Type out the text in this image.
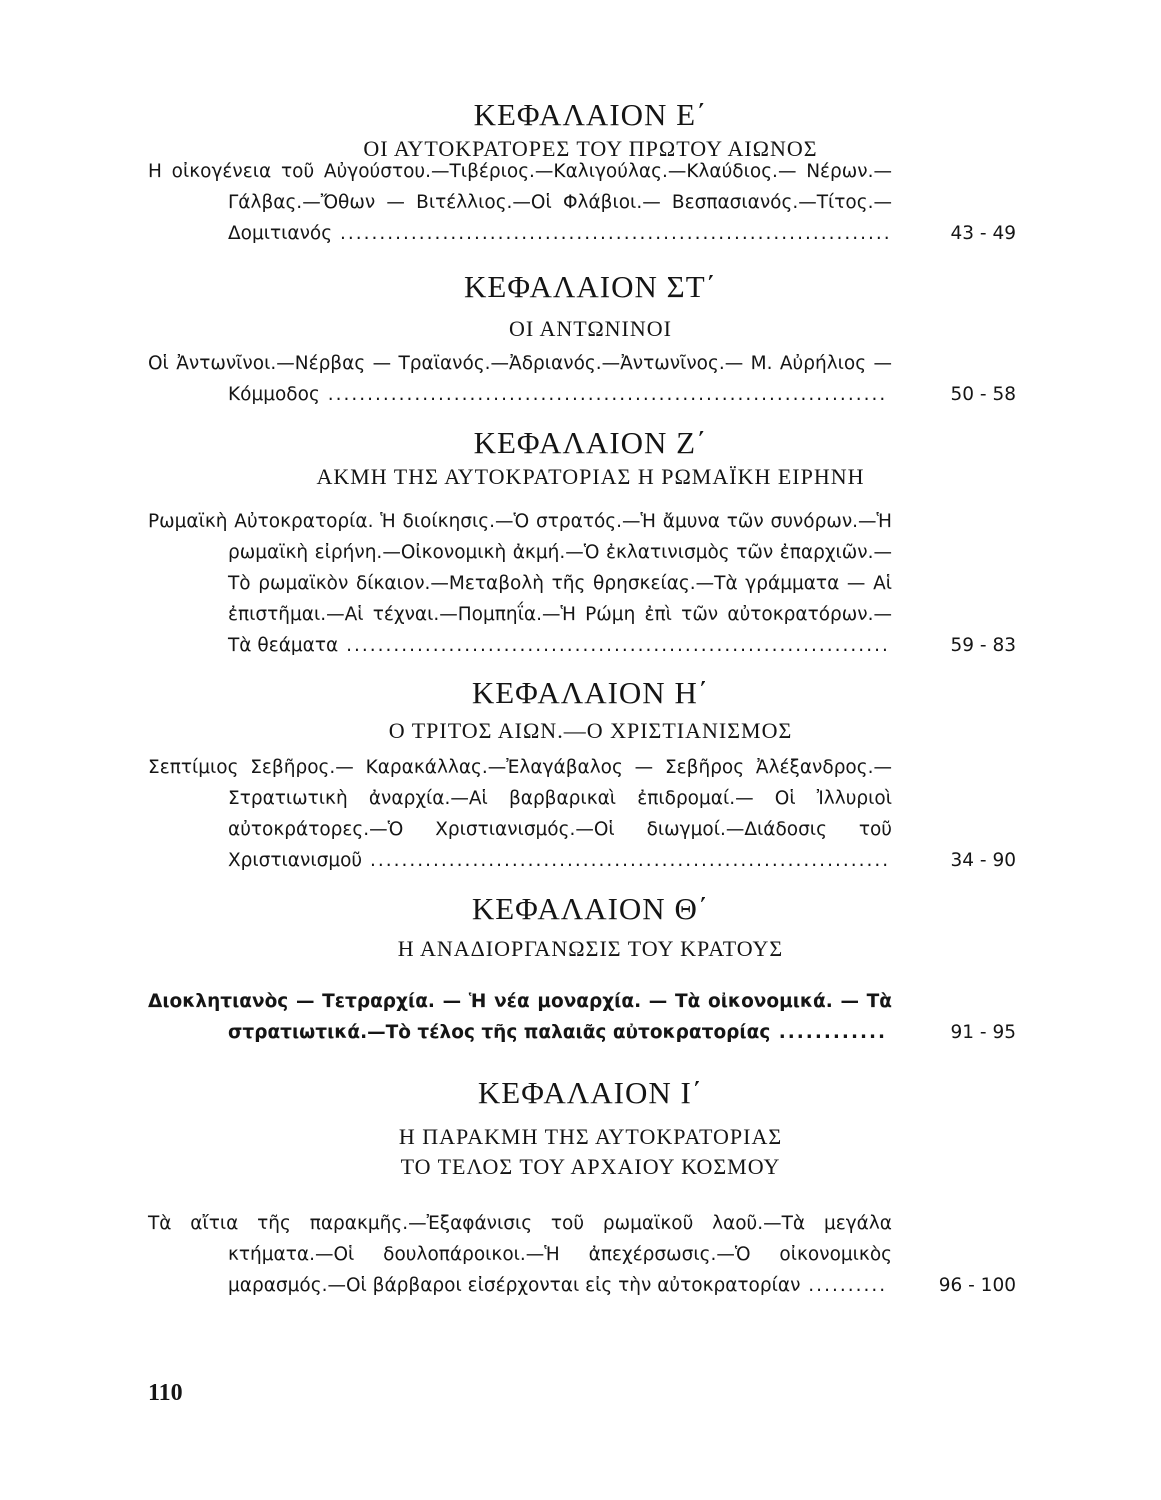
ΚΕΦΑΛΑΙΟΝ Ε΄
ΟΙ ΑΥΤΟΚΡΑΤΟΡΕΣ ΤΟΥ ΠΡΩΤΟΥ ΑΙΩΝΟΣ
Η οἰκογένεια τοῦ Αὐγούστου.—Τιβέριος.—Καλιγούλας.—Κλαύδιος.— Νέρων.— Γάλβας.—Ὄθων — Βιτέλλιος.—Οἱ Φλάβιοι.— Βεσπασιανός.—Τίτος.—Δομιτιανός ......................................................................	43 - 49
ΚΕΦΑΛΑΙΟΝ ΣΤ΄
ΟΙ ΑΝΤΩΝΙΝΟΙ
Οἱ Ἀντωνῖνοι.—Νέρβας — Τραϊανός.—Ἀδριανός.—Ἀντωνῖνος.— Μ. Αὐρήλιος — Κόμμοδος .......................................................................	50 - 58
ΚΕΦΑΛΑΙΟΝ Ζ΄
ΑΚΜΗ ΤΗΣ ΑΥΤΟΚΡΑΤΟΡΙΑΣ Η ΡΩΜΑΪΚΗ ΕΙΡΗΝΗ
Ρωμαϊκὴ Αὐτοκρατορία. Ἡ διοίκησις.—Ὁ στρατός.—Ἡ ἄμυνα τῶν συνόρων.—Ἡ ρωμαϊκὴ εἰρήνη.—Οἰκονομικὴ ἀκμή.—Ὁ ἐκλατινισμὸς τῶν ἐπαρχιῶν.—Τὸ ρωμαϊκὸν δίκαιον.—Μεταβολὴ τῆς θρησκείας.—Τὰ γράμματα — Αἱ ἐπιστῆμαι.—Αἱ τέχναι.—Πομπηΐα.—Ἡ Ρώμη ἐπὶ τῶν αὐτοκρατόρων.—Τὰ θεάματα .....................................................................	59 - 83
ΚΕΦΑΛΑΙΟΝ Η΄
Ο ΤΡΙΤΟΣ ΑΙΩΝ.—Ο ΧΡΙΣΤΙΑΝΙΣΜΟΣ
Σεπτίμιος Σεβῆρος.— Καρακάλλας.—Ἐλαγάβαλος — Σεβῆρος Ἀλέξανδρος.—Στρατιωτικὴ ἀναρχία.—Αἱ βαρβαρικαὶ ἐπιδρομαί.— Οἱ Ἰλλυριοὶ αὐτοκράτορες.—Ὁ Χριστιανισμός.—Οἱ διωγμοί.—Διάδοσις τοῦ Χριστιανισμοῦ ..................................................................	34 - 90
ΚΕΦΑΛΑΙΟΝ Θ΄
Η ΑΝΑΔΙΟΡΓΑΝΩΣΙΣ ΤΟΥ ΚΡΑΤΟΥΣ
Διοκλητιανὸς — Τετραρχία. — Ἡ νέα μοναρχία. — Τὰ οἰκονομικά. — Τὰ στρατιωτικά.—Τὸ τέλος τῆς παλαιᾶς αὐτοκρατορίας ............	91 - 95
ΚΕΦΑΛΑΙΟΝ Ι΄
Η ΠΑΡΑΚΜΗ ΤΗΣ ΑΥΤΟΚΡΑΤΟΡΙΑΣ
ΤΟ ΤΕΛΟΣ ΤΟΥ ΑΡΧΑΙΟΥ ΚΟΣΜΟΥ
Τὰ αἴτια τῆς παρακμῆς.—Ἐξαφάνισις τοῦ ρωμαϊκοῦ λαοῦ.—Τὰ μεγάλα κτήματα.—Οἱ δουλοπάροικοι.—Ἡ ἀπεχέρσωσις.—Ὁ οἰκονομικὸς μαρασμός.—Οἱ βάρβαροι εἰσέρχονται εἰς τὴν αὐτοκρατορίαν ..........	96 - 100
110
